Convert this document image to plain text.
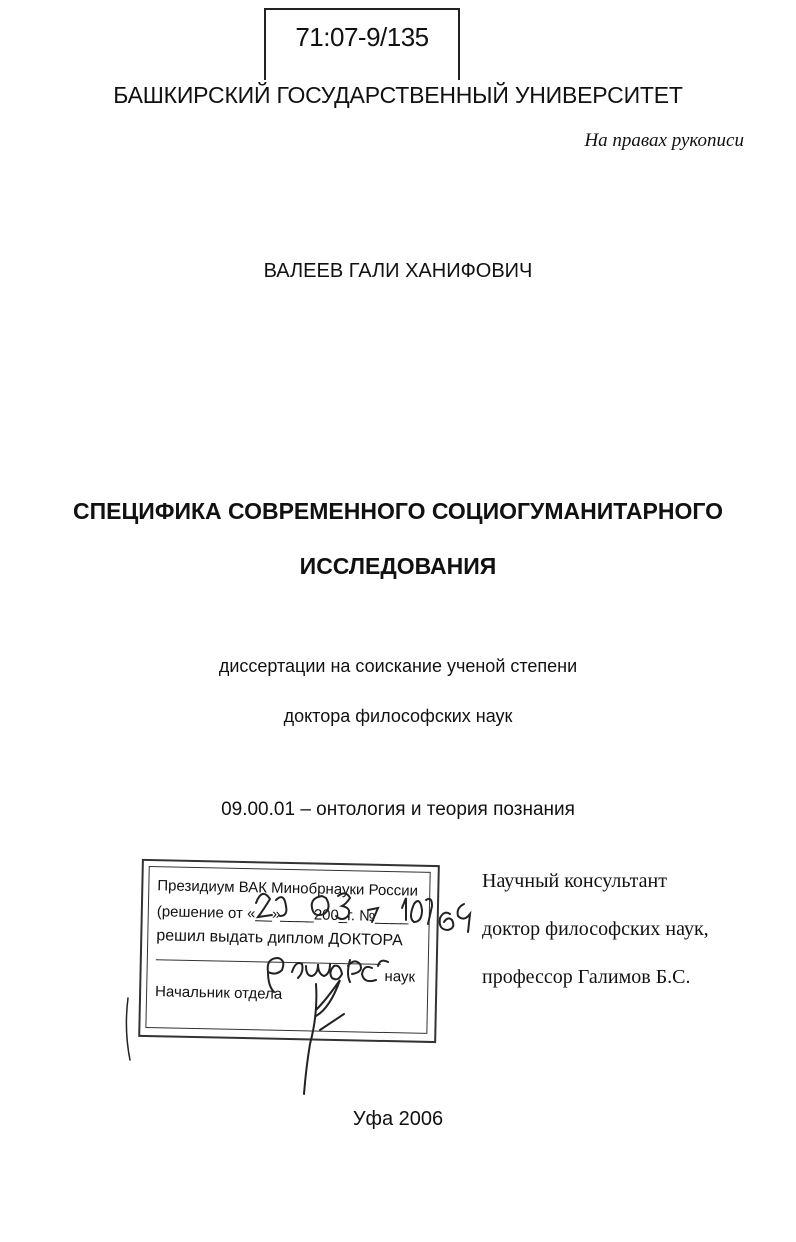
71:07-9/135
БАШКИРСКИЙ ГОСУДАРСТВЕННЫЙ УНИВЕРСИТЕТ
На правах рукописи
ВАЛЕЕВ ГАЛИ ХАНИФОВИЧ
СПЕЦИФИКА СОВРЕМЕННОГО СОЦИОГУМАНИТАРНОГО
ИССЛЕДОВАНИЯ
диссертации на соискание ученой степени
доктора философских наук
09.00.01 – онтология и теория познания
Президиум ВАК Минобрнауки России
(решение от «__»____200_г. №____
решил выдать диплом ДОКТОРА
наук
Начальник отдела
Научный консультант
доктор философских наук,
профессор Галимов Б.С.
Уфа 2006
